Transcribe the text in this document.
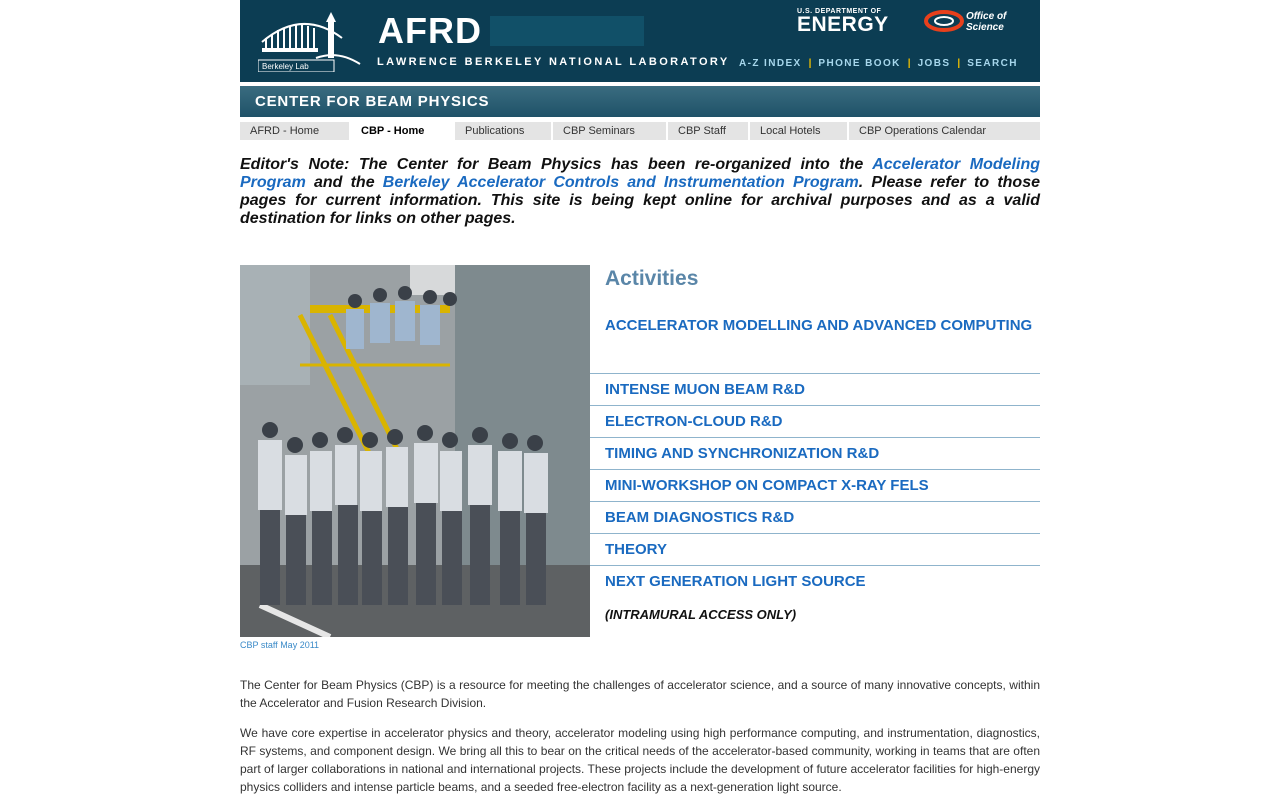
Berkeley Lab
AFRD
LAWRENCE BERKELEY NATIONAL LABORATORY
U.S. DEPARTMENT OF
ENERGY	Office of
Science
A-Z INDEX | PHONE BOOK | JOBS | SEARCH
CENTER FOR BEAM PHYSICS
AFRD - Home	CBP - Home	Publications	CBP Seminars	CBP Staff	Local Hotels	CBP Operations Calendar
Editor's Note: The Center for Beam Physics has been re-organized into the Accelerator Modeling Program and the Berkeley Accelerator Controls and Instrumentation Program. Please refer to those pages for current information. This site is being kept online for archival purposes and as a valid destination for links on other pages.
CBP staff May 2011
Activities
ACCELERATOR MODELLING AND ADVANCED COMPUTING
INTENSE MUON BEAM R&D
ELECTRON-CLOUD R&D
TIMING AND SYNCHRONIZATION R&D
MINI-WORKSHOP ON COMPACT X-RAY FELS
BEAM DIAGNOSTICS R&D
THEORY
NEXT GENERATION LIGHT SOURCE
(INTRAMURAL ACCESS ONLY)
The Center for Beam Physics (CBP) is a resource for meeting the challenges of accelerator science, and a source of many innovative concepts, within the Accelerator and Fusion Research Division.
We have core expertise in accelerator physics and theory, accelerator modeling using high performance computing, and instrumentation, diagnostics, RF systems, and component design. We bring all this to bear on the critical needs of the accelerator-based community, working in teams that are often part of larger collaborations in national and international projects. These projects include the development of future accelerator facilities for high-energy physics colliders and intense particle beams, and a seeded free-electron facility as a next-generation light source.
